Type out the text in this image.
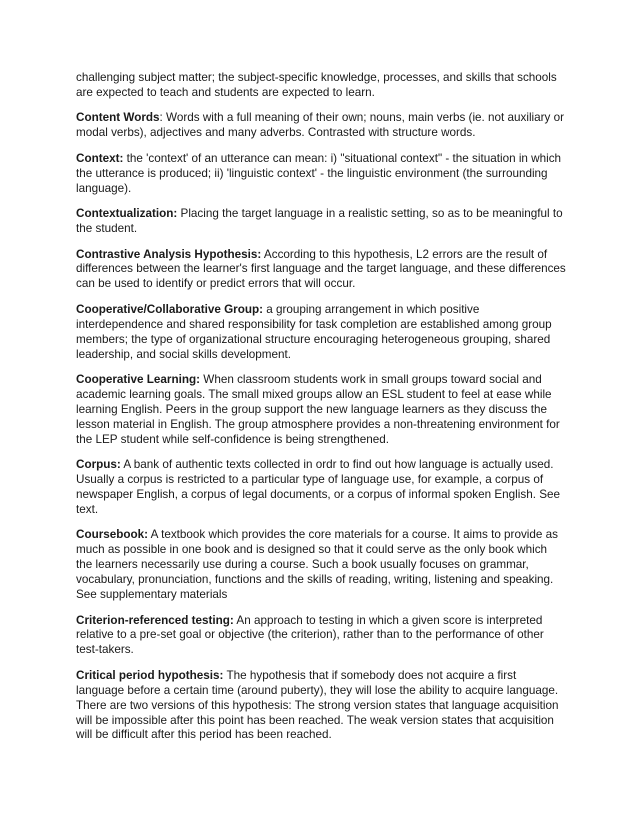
challenging subject matter; the subject-specific knowledge, processes, and skills that schools are expected to teach and students are expected to learn.

Content Words: Words with a full meaning of their own; nouns, main verbs (ie. not auxiliary or modal verbs), adjectives and many adverbs. Contrasted with structure words.

Context: the 'context' of an utterance can mean: i) "situational context" - the situation in which the utterance is produced; ii) 'linguistic context' - the linguistic environment (the surrounding language).

Contextualization: Placing the target language in a realistic setting, so as to be meaningful to the student.

Contrastive Analysis Hypothesis: According to this hypothesis, L2 errors are the result of differences between the learner's first language and the target language, and these differences can be used to identify or predict errors that will occur.

Cooperative/Collaborative Group: a grouping arrangement in which positive interdependence and shared responsibility for task completion are established among group members; the type of organizational structure encouraging heterogeneous grouping, shared leadership, and social skills development.

Cooperative Learning: When classroom students work in small groups toward social and academic learning goals. The small mixed groups allow an ESL student to feel at ease while learning English. Peers in the group support the new language learners as they discuss the lesson material in English. The group atmosphere provides a non-threatening environment for the LEP student while self-confidence is being strengthened.

Corpus: A bank of authentic texts collected in ordr to find out how language is actually used. Usually a corpus is restricted to a particular type of language use, for example, a corpus of newspaper English, a corpus of legal documents, or a corpus of informal spoken English. See text.

Coursebook: A textbook which provides the core materials for a course. It aims to provide as much as possible in one book and is designed so that it could serve as the only book which the learners necessarily use during a course. Such a book usually focuses on grammar, vocabulary, pronunciation, functions and the skills of reading, writing, listening and speaking. See supplementary materials

Criterion-referenced testing: An approach to testing in which a given score is interpreted relative to a pre-set goal or objective (the criterion), rather than to the performance of other test-takers.

Critical period hypothesis: The hypothesis that if somebody does not acquire a first language before a certain time (around puberty), they will lose the ability to acquire language. There are two versions of this hypothesis: The strong version states that language acquisition will be impossible after this point has been reached. The weak version states that acquisition will be difficult after this period has been reached.
